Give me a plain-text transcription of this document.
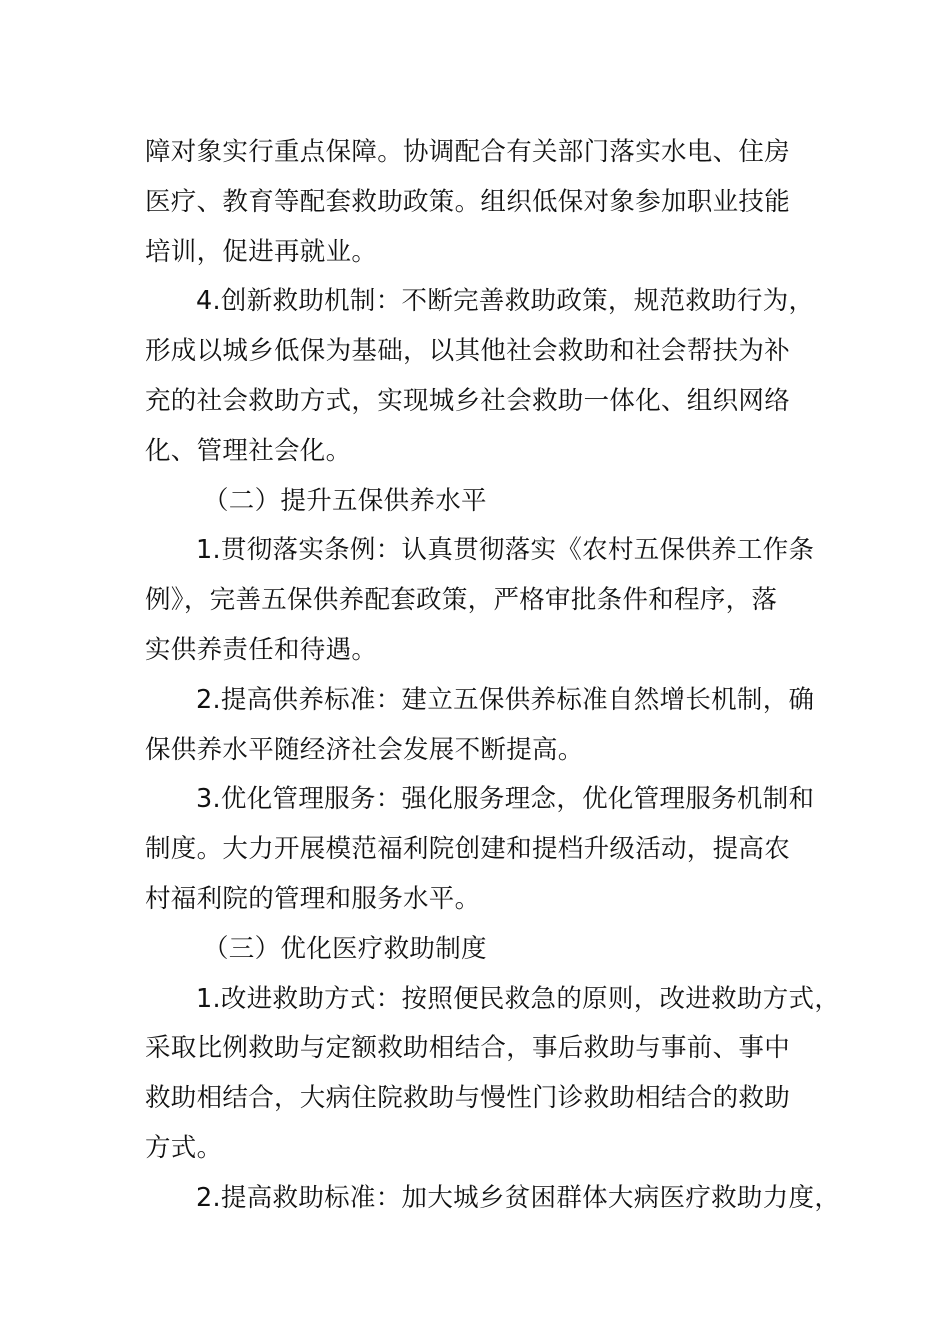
障对象实行重点保障。协调配合有关部门落实水电、住房
医疗、教育等配套救助政策。组织低保对象参加职业技能
培训，促进再就业。
4.创新救助机制：不断完善救助政策，规范救助行为，
形成以城乡低保为基础，以其他社会救助和社会帮扶为补
充的社会救助方式，实现城乡社会救助一体化、组织网络
化、管理社会化。
（二）提升五保供养水平
1.贯彻落实条例：认真贯彻落实《农村五保供养工作条
例》，完善五保供养配套政策，严格审批条件和程序，落
实供养责任和待遇。
2.提高供养标准：建立五保供养标准自然增长机制，确
保供养水平随经济社会发展不断提高。
3.优化管理服务：强化服务理念，优化管理服务机制和
制度。大力开展模范福利院创建和提档升级活动，提高农
村福利院的管理和服务水平。
（三）优化医疗救助制度
1.改进救助方式：按照便民救急的原则，改进救助方式，
采取比例救助与定额救助相结合，事后救助与事前、事中
救助相结合，大病住院救助与慢性门诊救助相结合的救助
方式。
2.提高救助标准：加大城乡贫困群体大病医疗救助力度，
